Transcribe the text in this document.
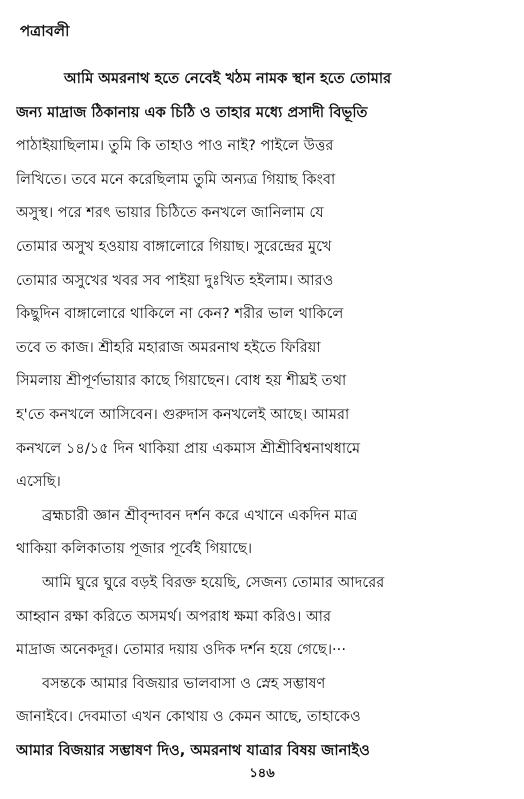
পত্রাবলী
আমি অমরনাথ হতে নেবেই খঠম নামক স্থান হতে তোমার
জন্য মাদ্রাজ ঠিকানায় এক চিঠি ও তাহার মধ্যে প্রসাদী বিভূতি
পাঠাইয়াছিলাম। তুমি কি তাহাও পাও নাই? পাইলে উত্তর
লিখিতে। তবে মনে করেছিলাম তুমি অন্যত্র গিয়াছ কিংবা
অসুস্থ। পরে শরৎ ভায়ার চিঠিতে কনখলে জানিলাম যে
তোমার অসুখ হওয়ায় বাঙ্গালোরে গিয়াছ। সুরেন্দ্রের মুখে
তোমার অসুখের খবর সব পাইয়া দুঃখিত হইলাম। আরও
কিছুদিন বাঙ্গালোরে থাকিলে না কেন? শরীর ভাল থাকিলে
তবে ত কাজ। শ্রীহরি মহারাজ অমরনাথ হইতে ফিরিয়া
সিমলায় শ্রীপূর্ণভায়ার কাছে গিয়াছেন। বোধ হয় শীঘ্রই তথা
হ'তে কনখলে আসিবেন। গুরুদাস কনখলেই আছে। আমরা
কনখলে ১৪/১৫ দিন থাকিয়া প্রায় একমাস শ্রীশ্রীবিশ্বনাথধামে
এসেছি।
ব্রহ্মচারী জ্ঞান শ্রীবৃন্দাবন দর্শন করে এখানে একদিন মাত্র
থাকিয়া কলিকাতায় পূজার পূর্বেই গিয়াছে।
আমি ঘুরে ঘুরে বড়ই বিরক্ত হয়েছি, সেজন্য তোমার আদরের
আহ্বান রক্ষা করিতে অসমর্থ। অপরাধ ক্ষমা করিও। আর
মাদ্রাজ অনেকদূর। তোমার দয়ায় ওদিক দর্শন হয়ে গেছে।···
বসন্তকে আমার বিজয়ার ভালবাসা ও স্নেহ সম্ভাষণ
জানাইবে। দেবমাতা এখন কোথায় ও কেমন আছে, তাহাকেও
আমার বিজয়ার সম্ভাষণ দিও, অমরনাথ যাত্রার বিষয় জানাইও
১৪৬
